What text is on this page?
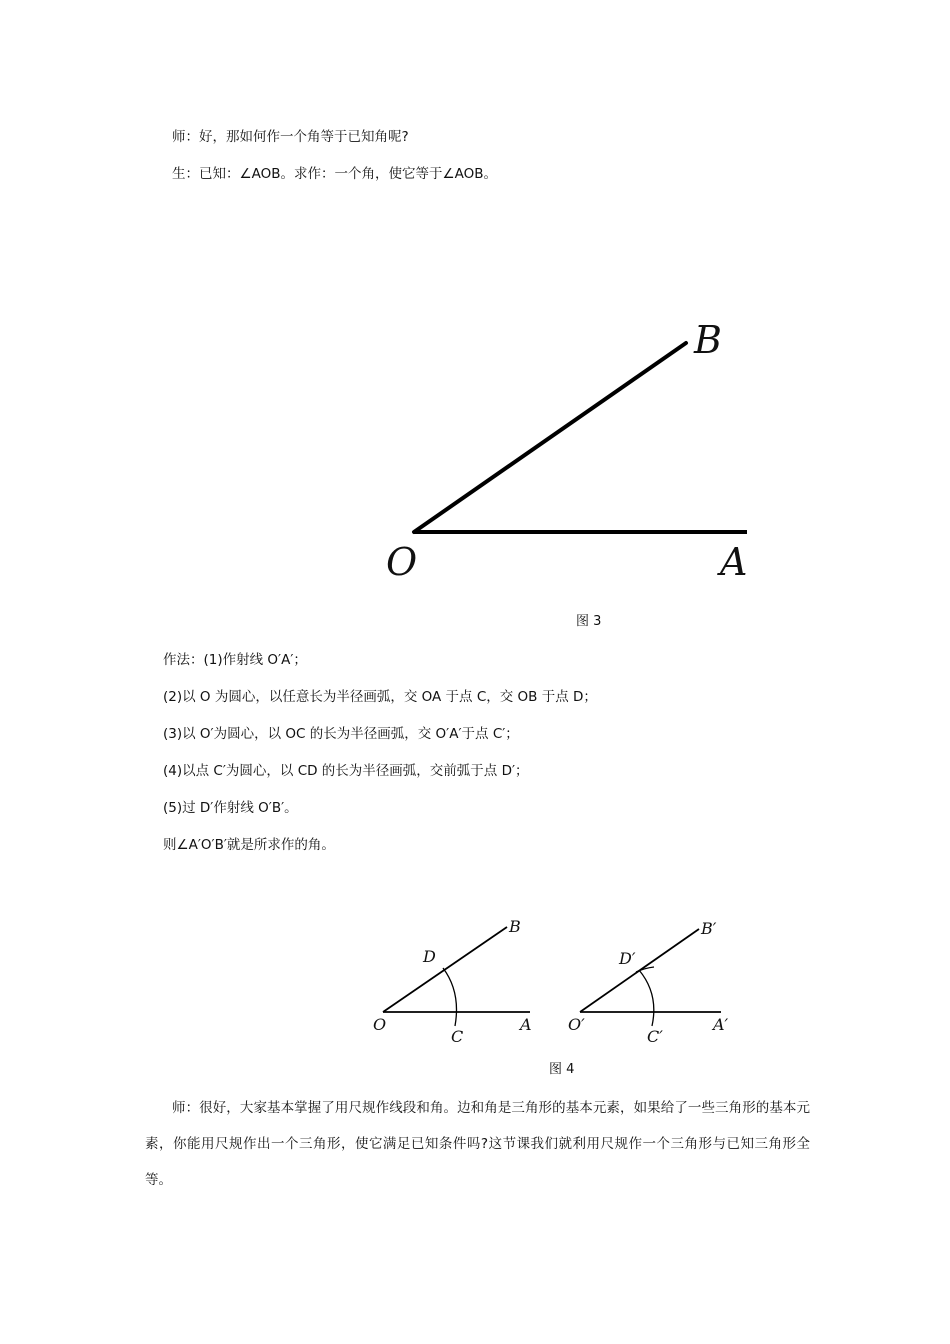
师：好，那如何作一个角等于已知角呢?
生：已知：∠AOB。求作：一个角，使它等于∠AOB。
B
O	A
图 3
作法：(1)作射线 O′A′；
(2)以 O 为圆心，以任意长为半径画弧，交 OA 于点 C，交 OB 于点 D；
(3)以 O′为圆心，以 OC 的长为半径画弧，交 O′A′于点 C′；
(4)以点 C′为圆心，以 CD 的长为半径画弧，交前弧于点 D′；
(5)过 D′作射线 O′B′。
则∠A′O′B′就是所求作的角。
B
D
O
C
A
B′
D′
O′
C′
A′
图 4
师：很好，大家基本掌握了用尺规作线段和角。边和角是三角形的基本元素，如果给了一些三角形的基本元素，你能用尺规作出一个三角形，使它满足已知条件吗?这节课我们就利用尺规作一个三角形与已知三角形全等。
